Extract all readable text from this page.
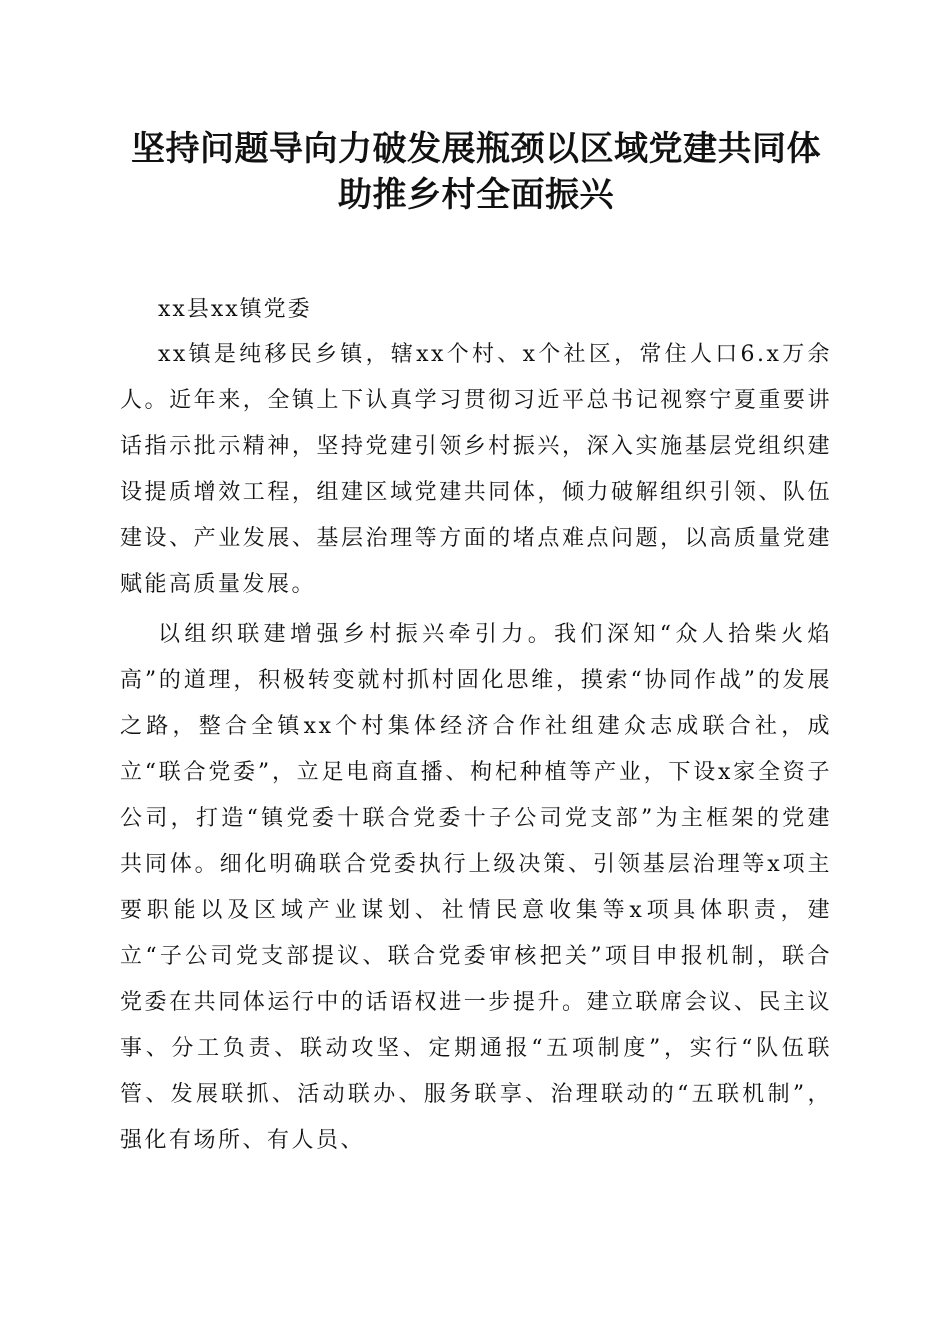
坚持问题导向力破发展瓶颈以区域党建共同体
助推乡村全面振兴

xx县xx镇党委

xx镇是纯移民乡镇，辖xx个村、x个社区，常住人口6.x万余人。近年来，全镇上下认真学习贯彻习近平总书记视察宁夏重要讲话指示批示精神，坚持党建引领乡村振兴，深入实施基层党组织建设提质增效工程，组建区域党建共同体，倾力破解组织引领、队伍建设、产业发展、基层治理等方面的堵点难点问题，以高质量党建赋能高质量发展。

以组织联建增强乡村振兴牵引力。我们深知“众人拾柴火焰高”的道理，积极转变就村抓村固化思维，摸索“协同作战”的发展之路，整合全镇xx个村集体经济合作社组建众志成联合社，成立“联合党委”，立足电商直播、枸杞种植等产业，下设x家全资子公司，打造“镇党委十联合党委十子公司党支部”为主框架的党建共同体。细化明确联合党委执行上级决策、引领基层治理等x项主要职能以及区域产业谋划、社情民意收集等x项具体职责，建立“子公司党支部提议、联合党委审核把关”项目申报机制，联合党委在共同体运行中的话语权进一步提升。建立联席会议、民主议事、分工负责、联动攻坚、定期通报“五项制度”，实行“队伍联管、发展联抓、活动联办、服务联享、治理联动的“五联机制”，强化有场所、有人员、
